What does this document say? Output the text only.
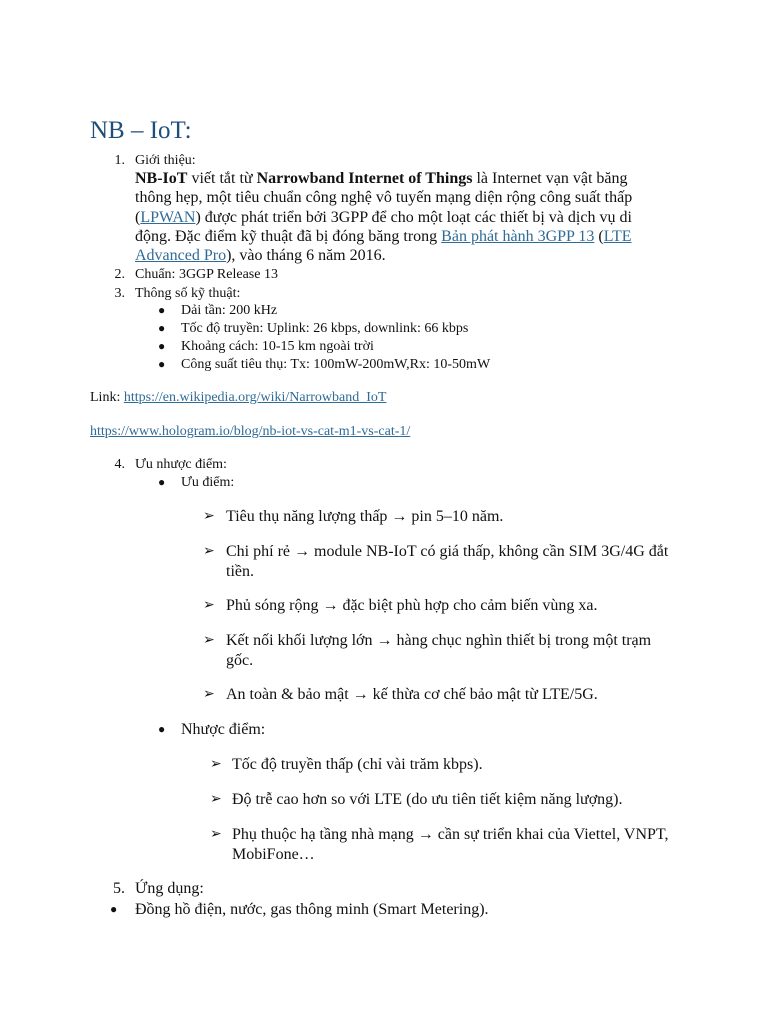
NB – IoT:
1. Giới thiệu:
NB-IoT viết tắt từ Narrowband Internet of Things là Internet vạn vật băng
thông hẹp, một tiêu chuẩn công nghệ vô tuyến mạng diện rộng công suất thấp
(LPWAN) được phát triển bởi 3GPP để cho một loạt các thiết bị và dịch vụ di
động. Đặc điểm kỹ thuật đã bị đóng băng trong Bản phát hành 3GPP 13 (LTE
Advanced Pro), vào tháng 6 năm 2016.
2. Chuẩn: 3GGP Release 13
3. Thông số kỹ thuật:
● Dải tần: 200 kHz
● Tốc độ truyền: Uplink: 26 kbps, downlink: 66 kbps
● Khoảng cách: 10-15 km ngoài trời
● Công suất tiêu thụ: Tx: 100mW-200mW,Rx: 10-50mW
Link: https://en.wikipedia.org/wiki/Narrowband_IoT
https://www.hologram.io/blog/nb-iot-vs-cat-m1-vs-cat-1/
4. Ưu nhược điểm:
● Ưu điểm:
➢ Tiêu thụ năng lượng thấp → pin 5–10 năm.
➢ Chi phí rẻ → module NB-IoT có giá thấp, không cần SIM 3G/4G đắt
tiền.
➢ Phủ sóng rộng → đặc biệt phù hợp cho cảm biến vùng xa.
➢ Kết nối khối lượng lớn → hàng chục nghìn thiết bị trong một trạm
gốc.
➢ An toàn & bảo mật → kế thừa cơ chế bảo mật từ LTE/5G.
● Nhược điểm:
➢ Tốc độ truyền thấp (chỉ vài trăm kbps).
➢ Độ trễ cao hơn so với LTE (do ưu tiên tiết kiệm năng lượng).
➢ Phụ thuộc hạ tầng nhà mạng → cần sự triển khai của Viettel, VNPT,
MobiFone…
5. Ứng dụng:
● Đồng hồ điện, nước, gas thông minh (Smart Metering).
